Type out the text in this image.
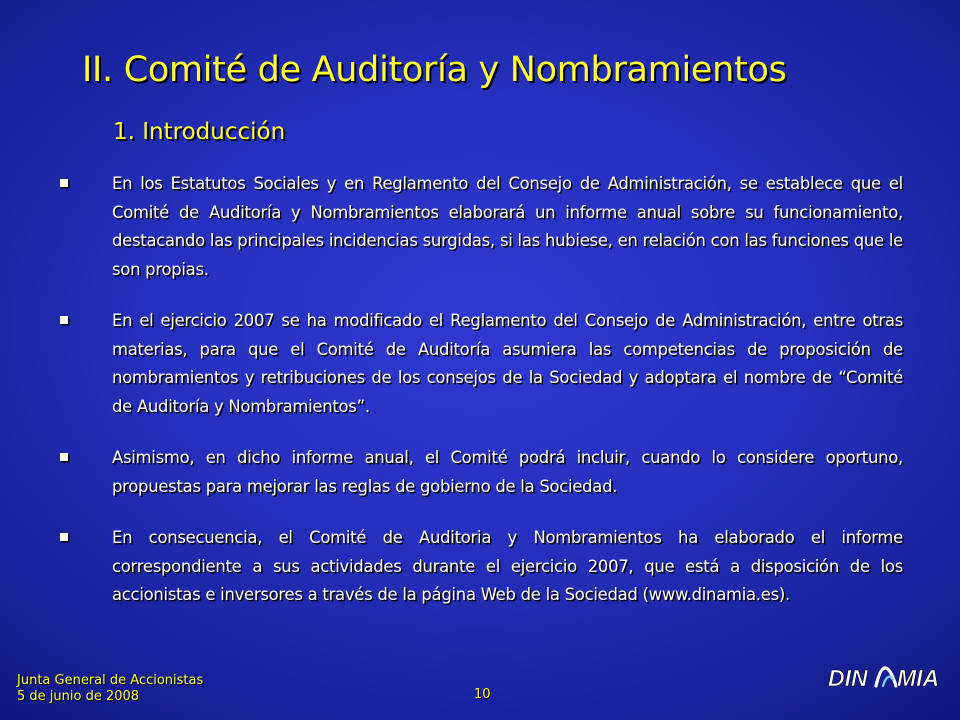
II. Comité de Auditoría y Nombramientos
1. Introducción
En los Estatutos Sociales y en Reglamento del Consejo de Administración, se establece que el Comité de Auditoría y Nombramientos elaborará un informe anual sobre su funcionamiento, destacando las principales incidencias surgidas, si las hubiese, en relación con las funciones que le son propias.
En el ejercicio 2007 se ha modificado el Reglamento del Consejo de Administración, entre otras materias, para que el Comité de Auditoría asumiera las competencias de proposición de nombramientos y retribuciones de los consejos de la Sociedad y adoptara el nombre de “Comité de Auditoría y Nombramientos”.
Asimismo, en dicho informe anual, el Comité podrá incluir, cuando lo considere oportuno, propuestas para mejorar las reglas de gobierno de la Sociedad.
En consecuencia, el Comité de Auditoria y Nombramientos ha elaborado el informe correspondiente a sus actividades durante el ejercicio 2007, que está a disposición de los accionistas e inversores a través de la página Web de la Sociedad (www.dinamia.es).
Junta General de Accionistas
5 de junio de 2008	10
DIN MIA
